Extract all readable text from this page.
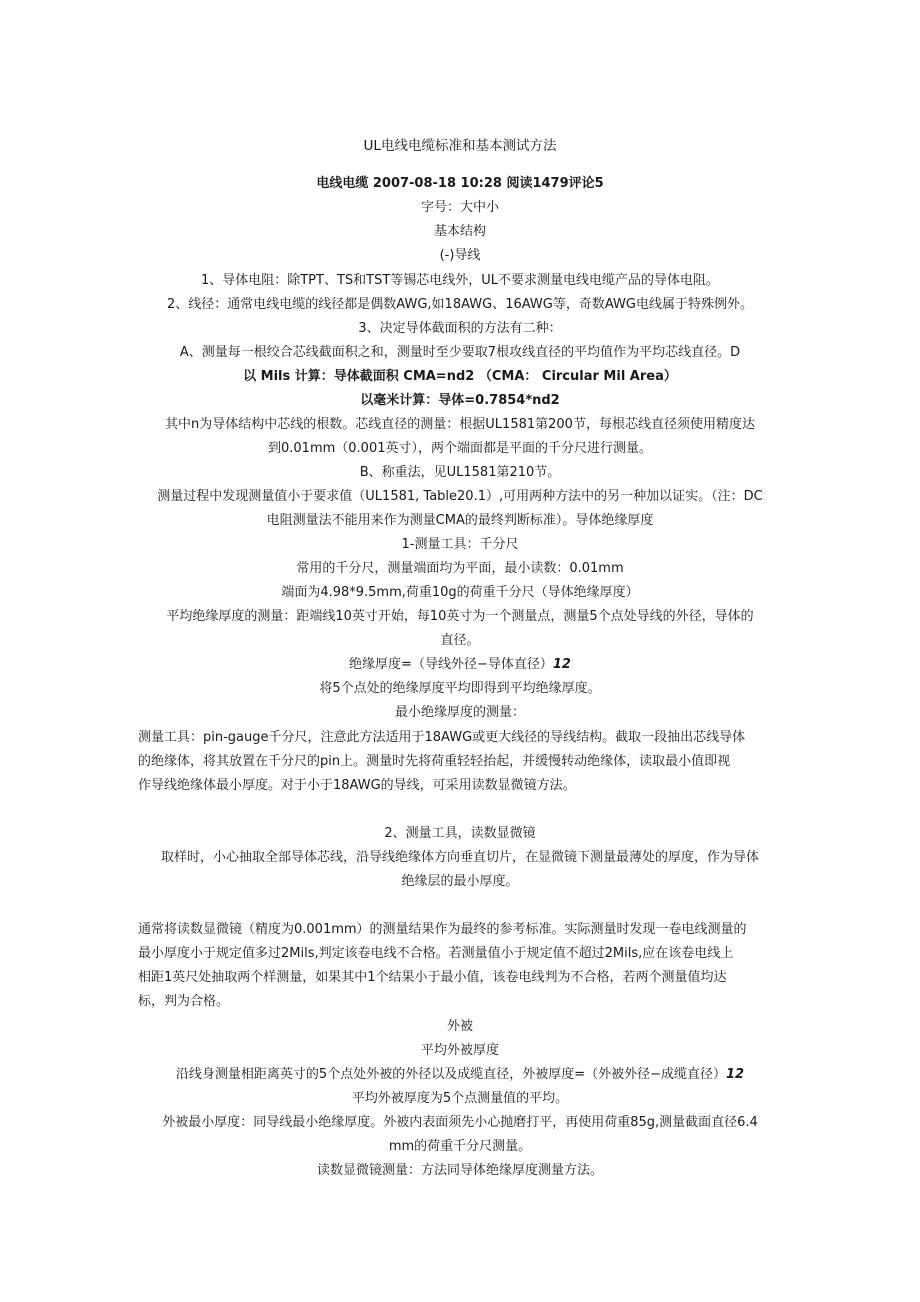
UL电线电缆标准和基本测试方法
电线电缆 2007-08-18 10:28 阅读1479评论5
字号：大中小
基本结构
(-)导线
1、导体电阻：除TPT、TS和TST等锡芯电线外，UL不要求测量电线电缆产品的导体电阻。
2、线径：通常电线电缆的线径都是偶数AWG,如18AWG、16AWG等，奇数AWG电线属于特殊例外。
3、决定导体截面积的方法有二种：
A、测量每一根绞合芯线截面积之和，测量时至少要取7根攻线直径的平均值作为平均芯线直径。D
以 Mils 计算：导体截面积 CMA=nd2 （CMA： Circular Mil Area）
以毫米计算：导体=0.7854*nd2
其中n为导体结构中芯线的根数。芯线直径的测量：根据UL1581第200节，每根芯线直径须使用精度达
到0.01mm（0.001英寸），两个端面都是平面的千分尺进行测量。
B、称重法，见UL1581第210节。
测量过程中发现测量值小于要求值（UL1581, Table20.1）,可用两种方法中的另一种加以证实。（注：DC
电阻测量法不能用来作为测量CMA的最终判断标准）。导体绝缘厚度
1-测量工具：千分尺
常用的千分尺，测量端面均为平面，最小读数：0.01mm
端面为4.98*9.5mm,荷重10g的荷重千分尺（导体绝缘厚度）
平均绝缘厚度的测量：距端线10英寸开始，每10英寸为一个测量点，测量5个点处导线的外径，导体的
直径。
绝缘厚度=（导线外径−导体直径）12
将5个点处的绝缘厚度平均即得到平均绝缘厚度。
最小绝缘厚度的测量：
测量工具：pin-gauge千分尺，注意此方法适用于18AWG或更大线径的导线结构。截取一段抽出芯线导体
的绝缘体，将其放置在千分尺的pin上。测量时先将荷重轻轻抬起，并缓慢转动绝缘体，读取最小值即视
作导线绝缘体最小厚度。对于小于18AWG的导线，可采用读数显微镜方法。
2、测量工具，读数显微镜
取样时，小心抽取全部导体芯线，沿导线绝缘体方向垂直切片，在显微镜下测量最薄处的厚度，作为导体
绝缘层的最小厚度。
通常将读数显微镜（精度为0.001mm）的测量结果作为最终的参考标准。实际测量时发现一卷电线测量的
最小厚度小于规定值多过2Mils,判定该卷电线不合格。若测量值小于规定值不超过2Mils,应在该卷电线上
相距1英尺处抽取两个样测量，如果其中1个结果小于最小值，该卷电线判为不合格，若两个测量值均达
标，判为合格。
外被
平均外被厚度
沿线身测量相距离英寸的5个点处外被的外径以及成缆直径，外被厚度=（外被外径−成缆直径）12
平均外被厚度为5个点测量值的平均。
外被最小厚度：同导线最小绝缘厚度。外被内表面须先小心抛磨打平，再使用荷重85g,测量截面直径6.4
mm的荷重千分尺测量。
读数显微镜测量：方法同导体绝缘厚度测量方法。
